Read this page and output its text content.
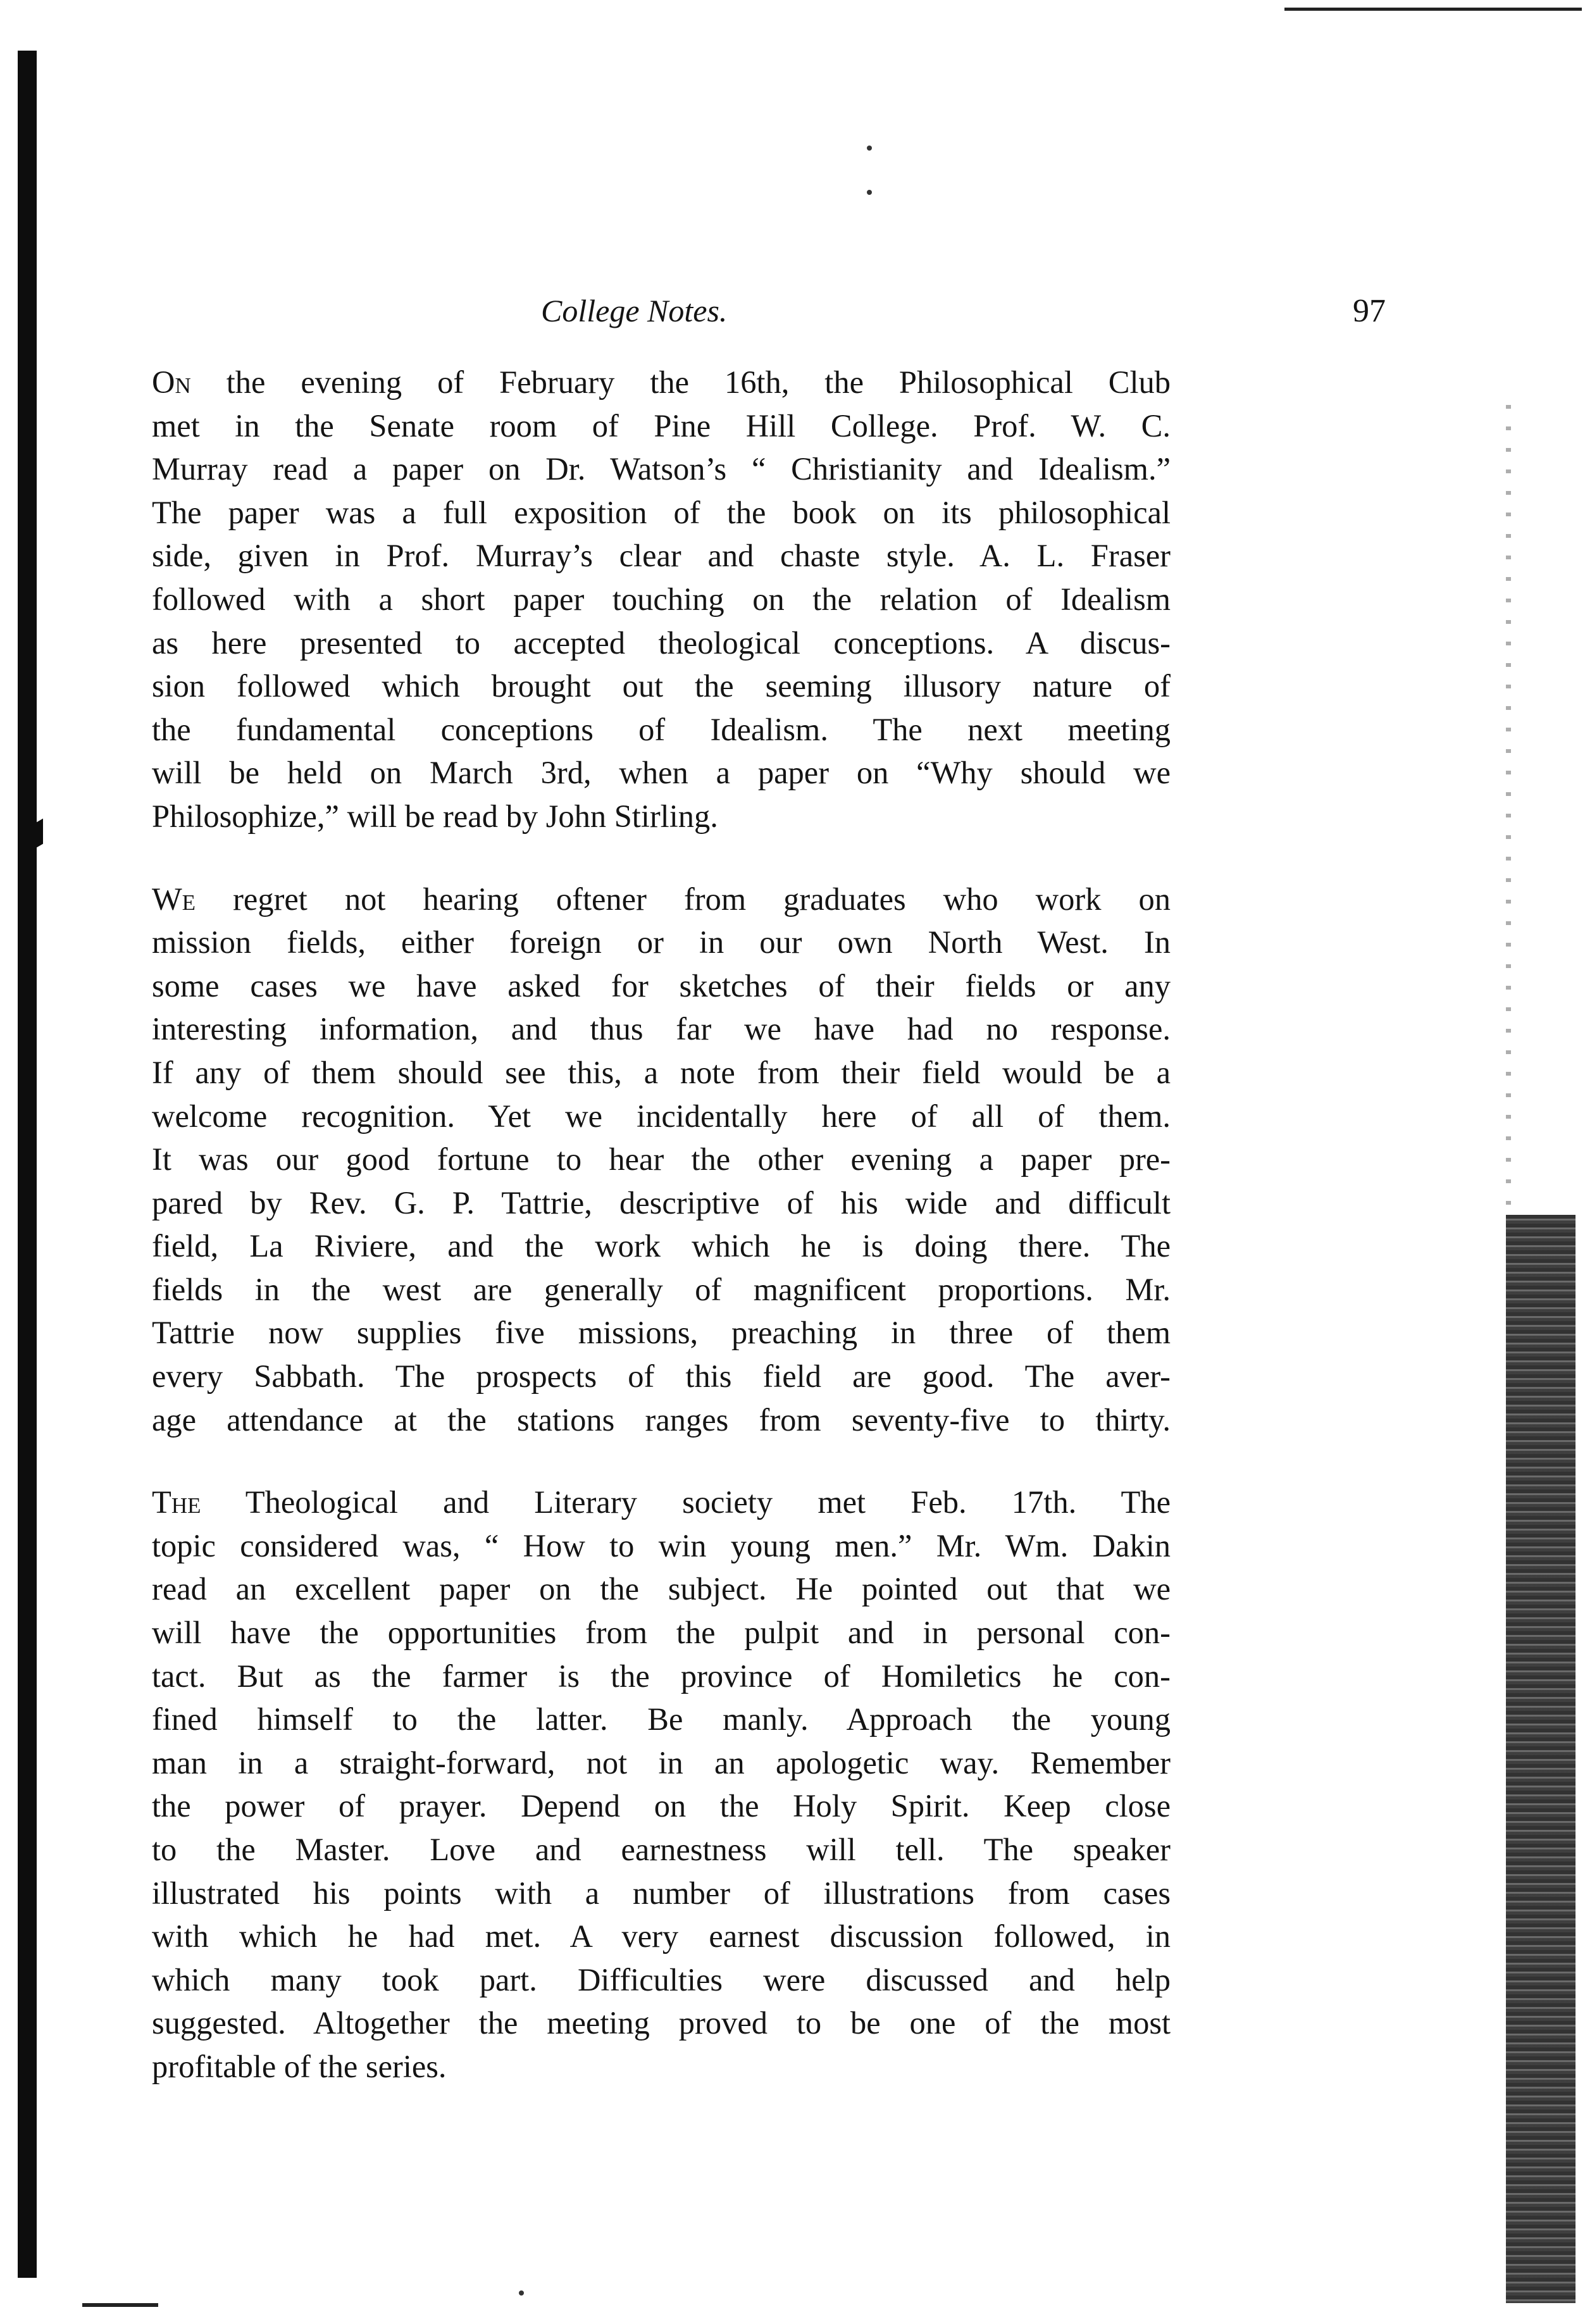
College Notes.	97
On the evening of February the 16th, the Philosophical Club
met in the Senate room of Pine Hill College. Prof. W. C.
Murray read a paper on Dr. Watson’s “ Christianity and Idealism.”
The paper was a full exposition of the book on its philosophical
side, given in Prof. Murray’s clear and chaste style. A. L. Fraser
followed with a short paper touching on the relation of Idealism
as here presented to accepted theological conceptions. A discus-
sion followed which brought out the seeming illusory nature of
the fundamental conceptions of Idealism. The next meeting
will be held on March 3rd, when a paper on “Why should we
Philosophize,” will be read by John Stirling.
We regret not hearing oftener from graduates who work on
mission fields, either foreign or in our own North West. In
some cases we have asked for sketches of their fields or any
interesting information, and thus far we have had no response.
If any of them should see this, a note from their field would be a
welcome recognition. Yet we incidentally here of all of them.
It was our good fortune to hear the other evening a paper pre-
pared by Rev. G. P. Tattrie, descriptive of his wide and difficult
field, La Riviere, and the work which he is doing there. The
fields in the west are generally of magnificent proportions. Mr.
Tattrie now supplies five missions, preaching in three of them
every Sabbath. The prospects of this field are good. The aver-
age attendance at the stations ranges from seventy-five to thirty.
The Theological and Literary society met Feb. 17th. The
topic considered was, “ How to win young men.” Mr. Wm. Dakin
read an excellent paper on the subject. He pointed out that we
will have the opportunities from the pulpit and in personal con-
tact. But as the farmer is the province of Homiletics he con-
fined himself to the latter. Be manly. Approach the young
man in a straight-forward, not in an apologetic way. Remember
the power of prayer. Depend on the Holy Spirit. Keep close
to the Master. Love and earnestness will tell. The speaker
illustrated his points with a number of illustrations from cases
with which he had met. A very earnest discussion followed, in
which many took part. Difficulties were discussed and help
suggested. Altogether the meeting proved to be one of the most
profitable of the series.
